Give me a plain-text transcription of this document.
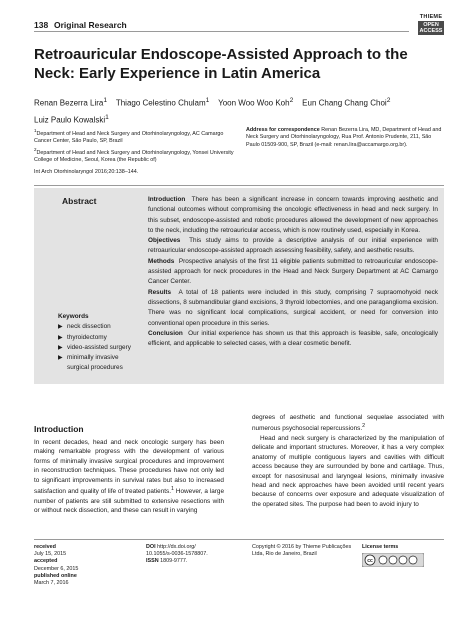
138 Original Research
THIEME
OPEN
ACCESS
Retroauricular Endoscope-Assisted Approach to the Neck: Early Experience in Latin America
Renan Bezerra Lira$^1$ Thiago Celestino Chulam$^1$ Yoon Woo Woo Koh$^2$ Eun Chang Chang Choi$^2$
Luiz Paulo Kowalski$^1$
$^1$Department of Head and Neck Surgery and Otorhinolaryngology, AC Camargo Cancer Center, São Paulo, SP, Brazil
$^2$Department of Head and Neck Surgery and Otorhinolaryngology, Yonsei University College of Medicine, Seoul, Korea (the Republic of)
Address for correspondence Renan Bezerra Lira, MD, Department of Head and Neck Surgery and Otorhinolaryngology, Rua Prof. Antonio Prudente, 211, São Paulo 01509-900, SP, Brazil (e-mail: renan.lira@accamargo.org.br).
Int Arch Otorhinolaryngol 2016;20:138–144.
Abstract	Introduction There has been a significant increase in concern towards improving aesthetic and functional outcomes without compromising the oncologic effectiveness in head and neck surgery. In this subset, endoscope-assisted and robotic procedures allowed the development of new approaches to the neck, including the retroauricular access, which is now routinely used, especially in Korea.

Objectives This study aims to provide a descriptive analysis of our initial experience with retroauricular endoscope-assisted approach assessing feasibility, safety, and aesthetic results.

Methods Prospective analysis of the first 11 eligible patients submitted to retroauricular endoscope-assisted approach for neck procedures in the Head and Neck Surgery Department at AC Camargo Cancer Center.

Results A total of 18 patients were included in this study, comprising 7 supraomohyoid neck dissections, 8 submandibular gland excisions, 3 thyroid lobectomies, and one paraganglioma excision. There was no significant local complications, surgical accident, or need for conversion into conventional open procedure in this series.

Conclusion Our initial experience has shown us that this approach is feasible, safe, oncologically efficient, and applicable to selected cases, with a clear cosmetic benefit.

Keywords
▶ neck dissection
▶ thyroidectomy
▶ video-assisted surgery
▶ minimally invasive surgical procedures
Introduction

In recent decades, head and neck oncologic surgery has been making remarkable progress with the development of various forms of minimally invasive surgical procedures and improvement in reconstruction techniques. These procedures have not only led to significant improvements in survival rates but also to increased satisfaction and quality of life of treated patients.$^1$ However, a large number of patients are still submitted to extensive resections with or without neck dissection, and these can result in varying

degrees of aesthetic and functional sequelae associated with numerous psychosocial repercussions.$^2$

Head and neck surgery is characterized by the manipulation of delicate and important structures. Moreover, it has a very complex anatomy of multiple contiguous layers and cavities with difficult access because they are surrounded by bone and cartilage. Thus, except for nasosinusal and laryngeal lesions, minimally invasive head and neck approaches have been avoided until recent years because of concerns over exposure and adequate visualization of the operated sites. The purpose had been to avoid injury to

received
July 15, 2015
accepted
December 6, 2015
published online
March 7, 2016
DOI http://dx.doi.org/
10.1055/s-0036-1578807.
ISSN 1809-9777.
Copyright © 2016 by Thieme Publicações Ltda, Rio de Janeiro, Brazil
License terms
cc
